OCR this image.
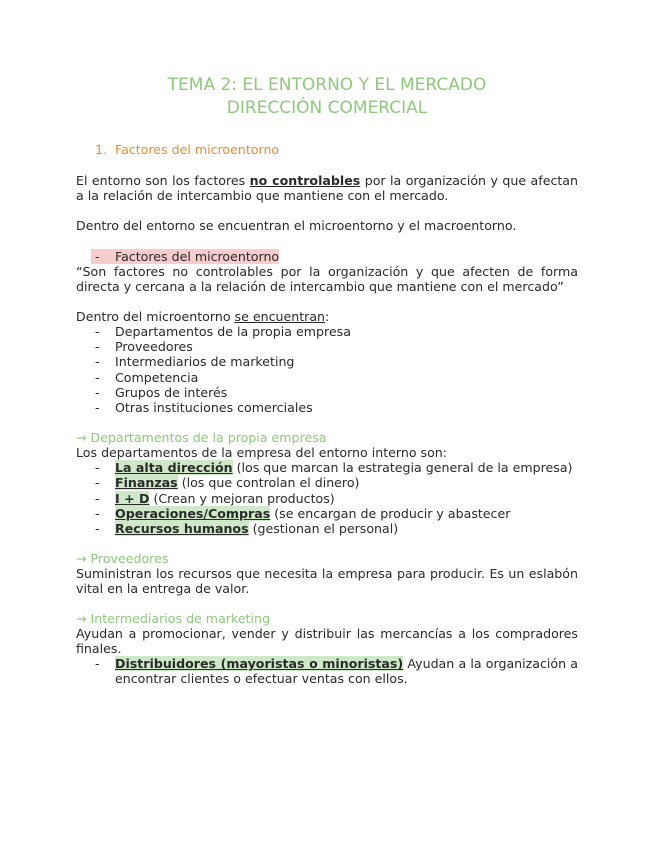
TEMA 2: EL ENTORNO Y EL MERCADO
DIRECCIÓN COMERCIAL
1. Factores del microentorno

El entorno son los factores no controlables por la organización y que afectan a la relación de intercambio que mantiene con el mercado.

Dentro del entorno se encuentran el microentorno y el macroentorno.

- Factores del microentorno

“Son factores no controlables por la organización y que afecten de forma directa y cercana a la relación de intercambio que mantiene con el mercado”

Dentro del microentorno se encuentran:

- Departamentos de la propia empresa
- Proveedores
- Intermediarios de marketing
- Competencia
- Grupos de interés
- Otras instituciones comerciales

→ Departamentos de la propia empresa

Los departamentos de la empresa del entorno interno son:

- La alta dirección (los que marcan la estrategia general de la empresa)
- Finanzas (los que controlan el dinero)
- I + D (Crean y mejoran productos)
- Operaciones/Compras (se encargan de producir y abastecer
- Recursos humanos (gestionan el personal)

→ Proveedores

Suministran los recursos que necesita la empresa para producir. Es un eslabón vital en la entrega de valor.

→ Intermediarios de marketing

Ayudan a promocionar, vender y distribuir las mercancías a los compradores finales.

- Distribuidores (mayoristas o minoristas) Ayudan a la organización a encontrar clientes o efectuar ventas con ellos.
